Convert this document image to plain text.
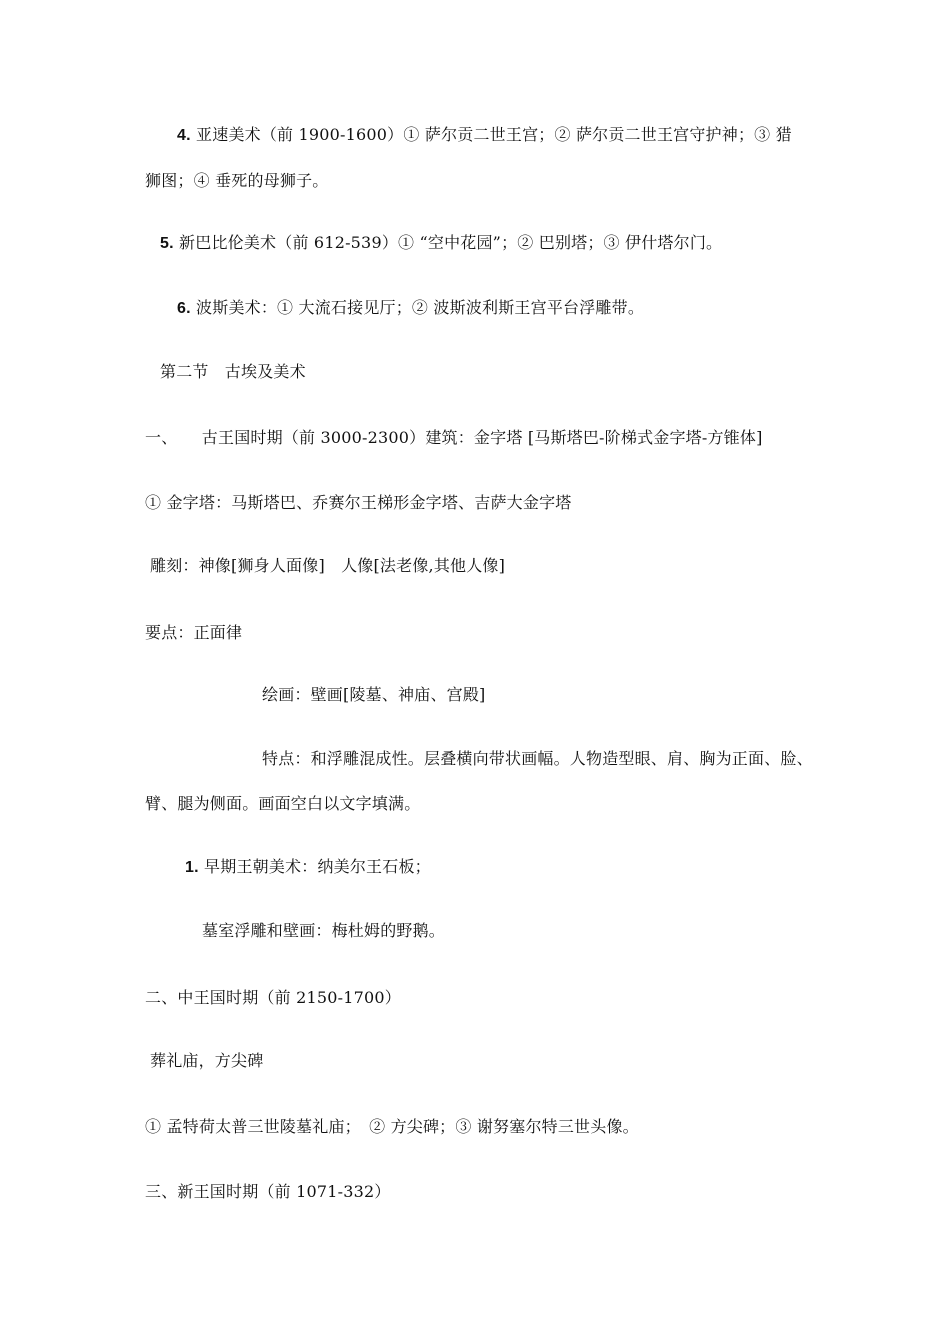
4. 亚速美术（前 1900-1600）① 萨尔贡二世王宫；② 萨尔贡二世王宫守护神；③ 猎
狮图；④ 垂死的母狮子。
5. 新巴比伦美术（前 612-539）① “空中花园”；② 巴别塔；③ 伊什塔尔门。
6. 波斯美术：① 大流石接见厅；② 波斯波利斯王宫平台浮雕带。
第二节　古埃及美术
一、　　古王国时期（前 3000-2300）建筑：金字塔 [马斯塔巴-阶梯式金字塔-方锥体]
① 金字塔：马斯塔巴、乔赛尔王梯形金字塔、吉萨大金字塔
雕刻：神像[狮身人面像]　人像[法老像,其他人像]
要点：正面律
绘画：壁画[陵墓、神庙、宫殿]
特点：和浮雕混成性。层叠横向带状画幅。人物造型眼、肩、胸为正面、脸、
臂、腿为侧面。画面空白以文字填满。
1. 早期王朝美术：纳美尔王石板；
墓室浮雕和壁画：梅杜姆的野鹅。
二、中王国时期（前 2150-1700）
葬礼庙，方尖碑
① 孟特荷太普三世陵墓礼庙；　② 方尖碑；③ 谢努塞尔特三世头像。
三、新王国时期（前 1071-332）
